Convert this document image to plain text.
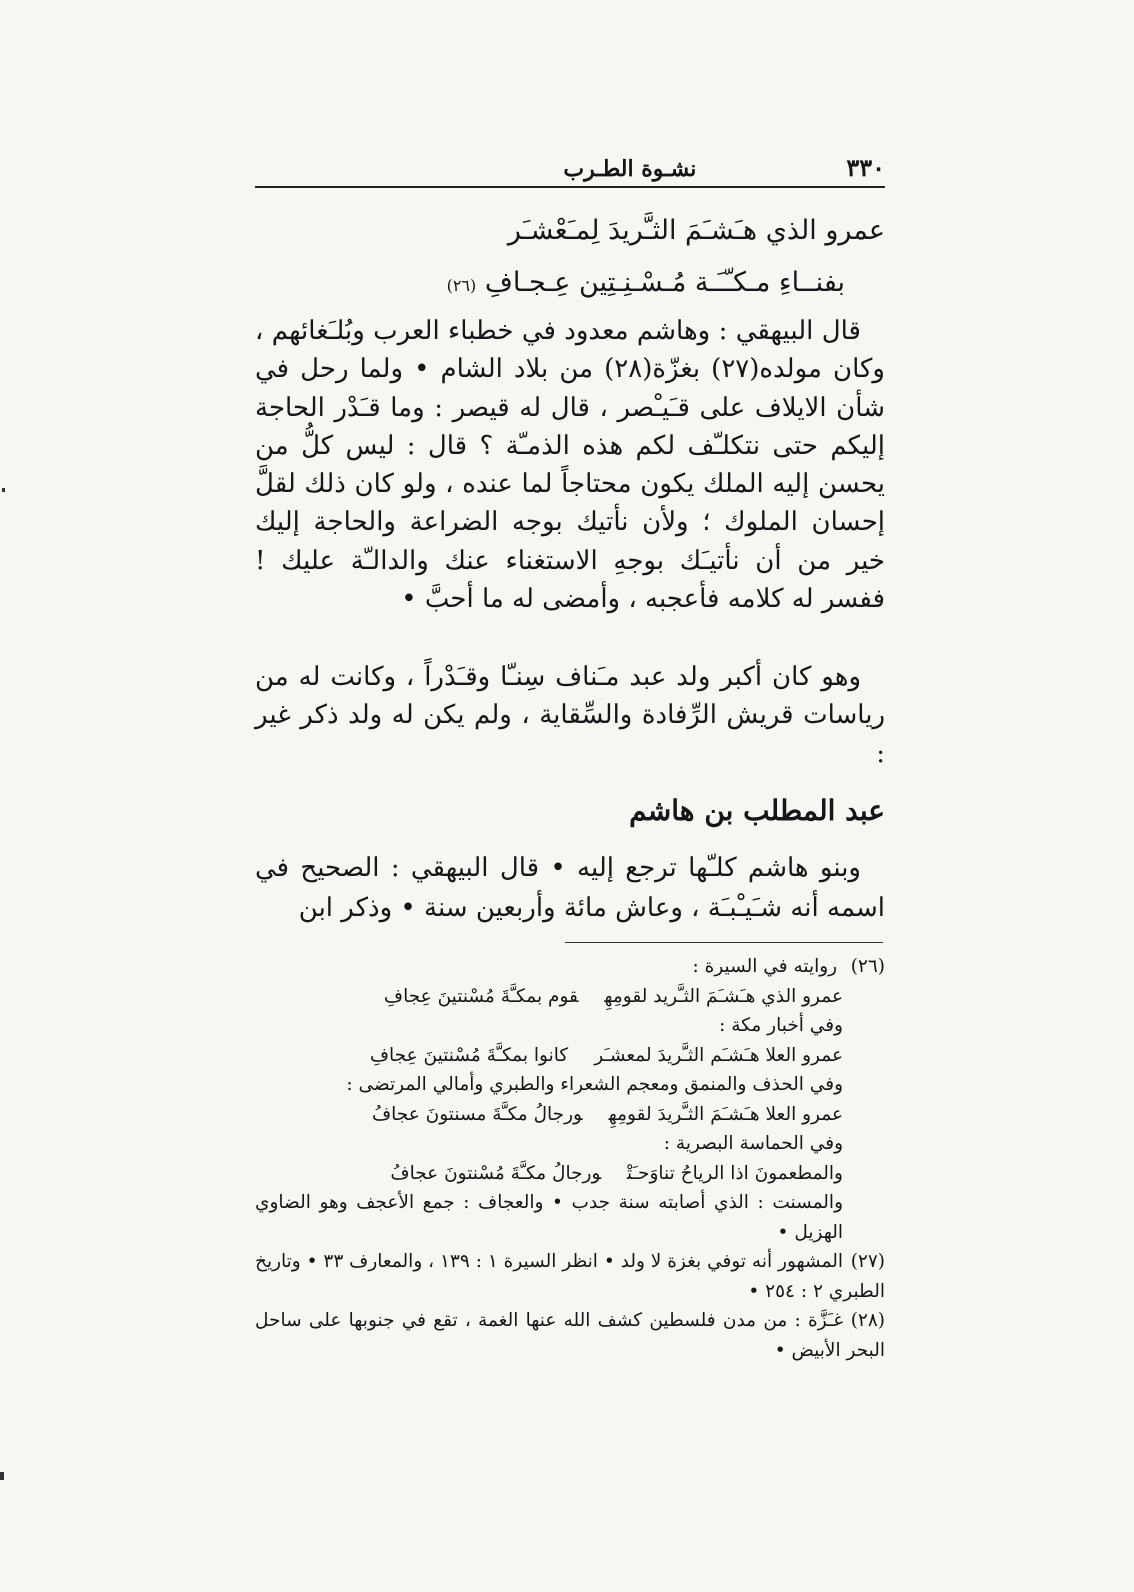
٣٣٠
نشـوة الطـرب
عمرو الذي هـَشـَمَ الثـَّريدَ لِمـَعْشـَر
بفنــاءِ مـكـّـَـة مُـسْـنِـتِين عِـجـافِ (٢٦)
قال البيهقي : وهاشم معدود في خطباء العرب وبُلـَغائهم ، وكان مولده(٢٧) بغزّة(٢٨) من بلاد الشام • ولما رحل في شأن الايلاف على قـَيـْصر ، قال له قيصر : وما قـَدْر الحاجة إليكم حتى نتكلـّف لكم هذه الذمـّة ؟ قال : ليس كلُّ من يحسن إليه الملك يكون محتاجاً لما عنده ، ولو كان ذلك لقلَّ إحسان الملوك ؛ ولأن نأتيك بوجه الضراعة والحاجة إليك خير من أن نأتيـَك بوجهِ الاستغناء عنك والدالـّة عليك ! ففسر له كلامه فأعجبه ، وأمضى له ما أحبَّ •
وهو كان أكبر ولد عبد مـَناف سِنـّا وقـَدْراً ، وكانت له من رياسات قريش الرِّفادة والسِّقاية ، ولم يكن له ولد ذكر غير :
عبد المطلب بن هاشم
وبنو هاشم كلـّها ترجع إليه • قال البيهقي : الصحيح في اسمه أنه شـَيـْبـَة ، وعاش مائة وأربعين سنة • وذكر ابن
(٢٦) روايته في السيرة :
عمرو الذي هـَشـَمَ الثـَّريد لقومِهِقوم بمكـَّةَ مُسْنتينَ عِجافِ
وفي أخبار مكة :
عمرو العلا هـَشـَم الثـَّريدَ لمعشـَركانوا بمكـَّةَ مُسْنتينَ عِجافِ
وفي الحذف والمنمق ومعجم الشعراء والطبري وأمالي المرتضى :
عمرو العلا هـَشـَمَ الثـَّريدَ لقومِهِورجالُ مكـَّةَ مسنتونَ عجافُ
وفي الحماسة البصرية :
والمطعمونَ اذا الرياحُ تناوَحـَتْورجالُ مكـَّةَ مُسْنتونَ عجافُ
والمسنت : الذي أصابته سنة جدب • والعجاف : جمع الأعجف وهو الضاوي الهزيل •
(٢٧)المشهور أنه توفي بغزة لا ولد • انظر السيرة ١ : ١٣٩ ، والمعارف ٣٣ • وتاريخ الطبري ٢ : ٢٥٤ •
(٢٨)غـَزَّة : من مدن فلسطين كشف الله عنها الغمة ، تقع في جنوبها على ساحل البحر الأبيض •
